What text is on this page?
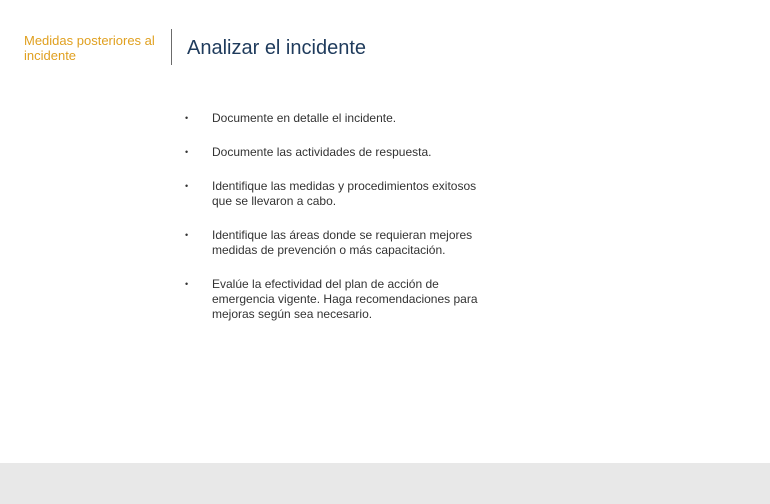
Medidas posteriores al incidente	Analizar el incidente
•	Documente en detalle el incidente.
•	Documente las actividades de respuesta.
•	Identifique las medidas y procedimientos exitosos que se llevaron a cabo.
•	Identifique las áreas donde se requieran mejores medidas de prevención o más capacitación.
•	Evalúe la efectividad del plan de acción de emergencia vigente. Haga recomendaciones para mejoras según sea necesario.
